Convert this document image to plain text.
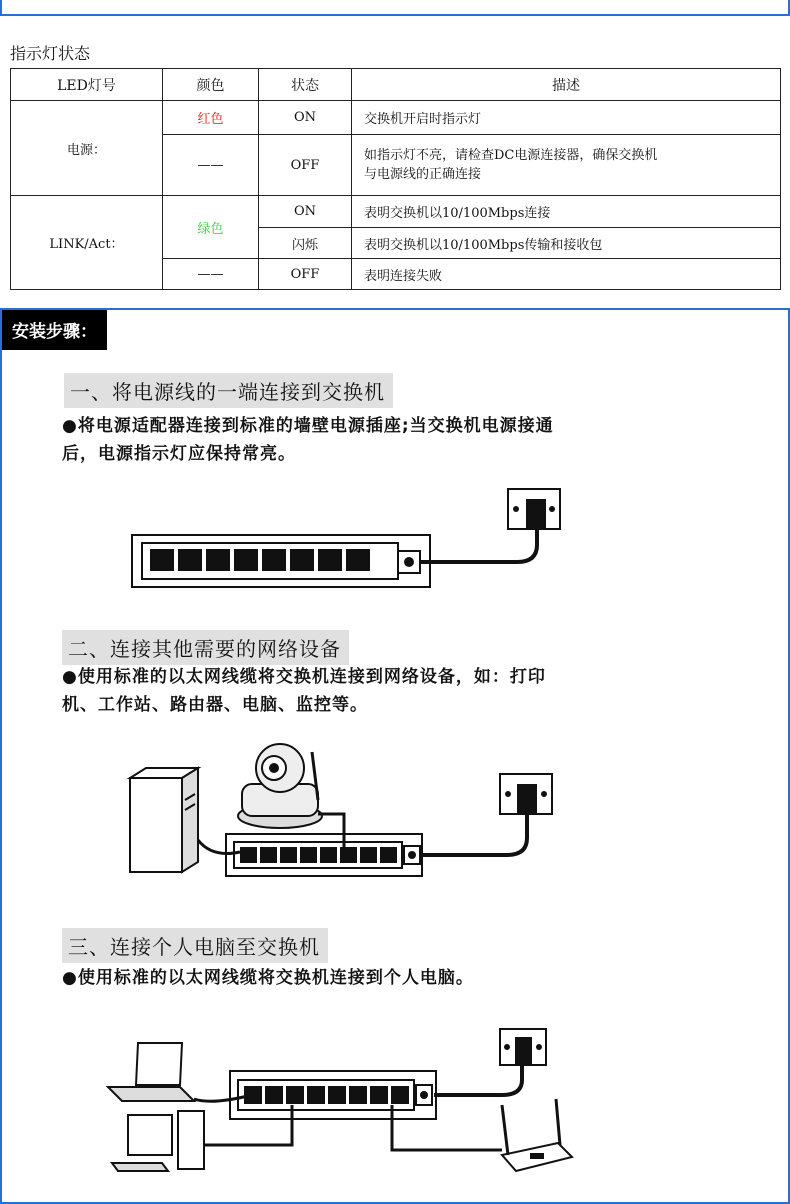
指示灯状态
LED灯号	颜色	状态	描述
电源：	红色	ON	交换机开启时指示灯
	——	OFF	如指示灯不亮，请检查DC电源连接器，确保交换机
与电源线的正确连接

LINK/Act：	绿色	ON	表明交换机以10/100Mbps连接
		闪烁	表明交换机以10/100Mbps传输和接收包
	——	OFF	表明连接失败
安装步骤：
一、将电源线的一端连接到交换机
●将电源适配器连接到标准的墙壁电源插座;当交换机电源接通
后，电源指示灯应保持常亮。
二、连接其他需要的网络设备
●使用标准的以太网线缆将交换机连接到网络设备，如：打印
机、工作站、路由器、电脑、监控等。
三、连接个人电脑至交换机
●使用标准的以太网线缆将交换机连接到个人电脑。
